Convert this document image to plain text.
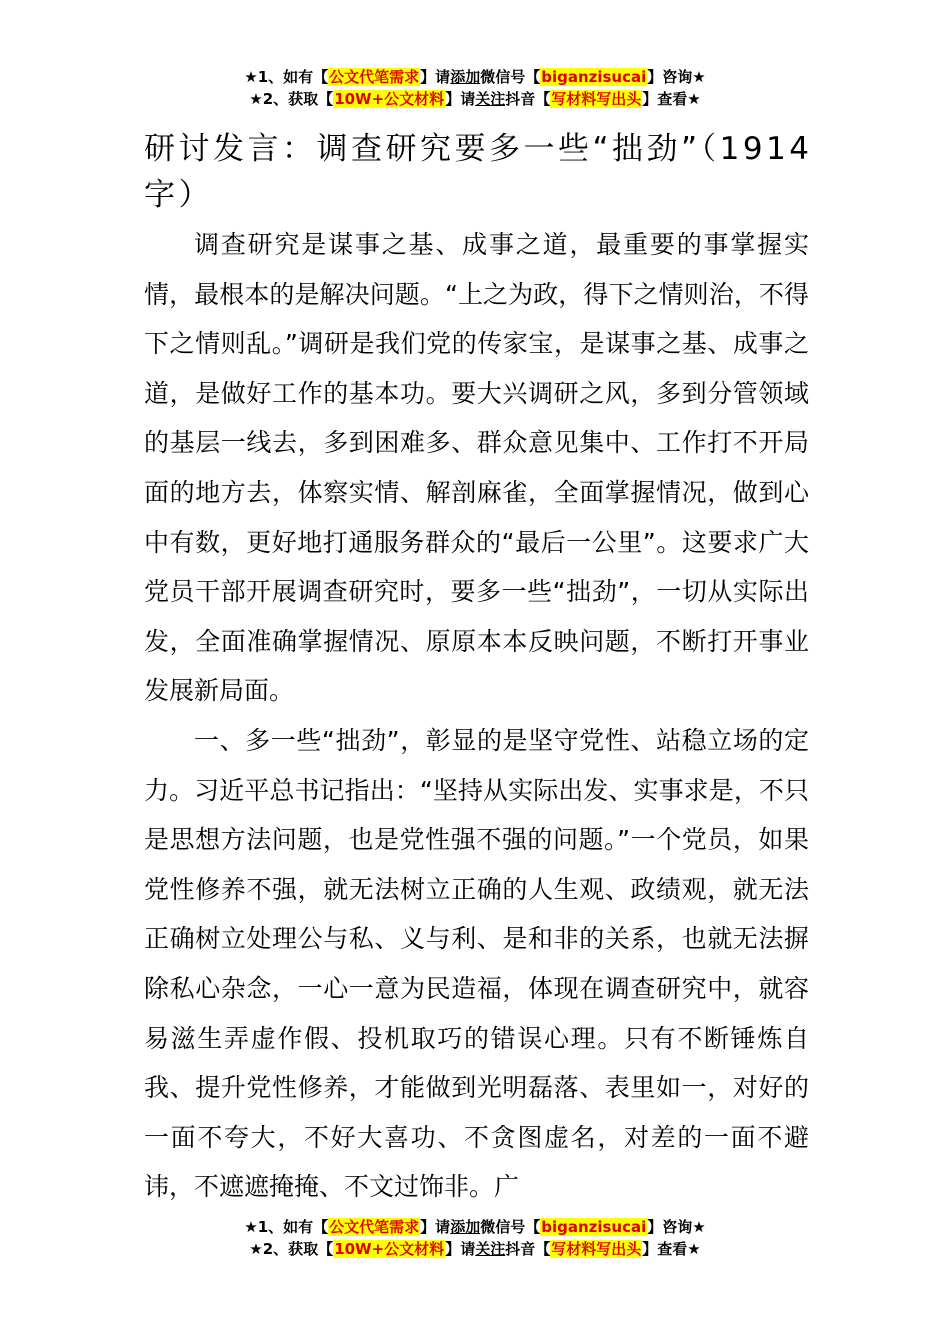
★1、如有【公文代笔需求】请添加微信号【biganzisucai】咨询★
★2、获取【10W+公文材料】请关注抖音【写材料写出头】查看★
研讨发言：调查研究要多一些“拙劲”（1914字）

调查研究是谋事之基、成事之道，最重要的事掌握实情，最根本的是解决问题。“上之为政，得下之情则治，不得下之情则乱。”调研是我们党的传家宝，是谋事之基、成事之道，是做好工作的基本功。要大兴调研之风，多到分管领域的基层一线去，多到困难多、群众意见集中、工作打不开局面的地方去，体察实情、解剖麻雀，全面掌握情况，做到心中有数，更好地打通服务群众的“最后一公里”。这要求广大党员干部开展调查研究时，要多一些“拙劲”，一切从实际出发，全面准确掌握情况、原原本本反映问题，不断打开事业发展新局面。

一、多一些“拙劲”，彰显的是坚守党性、站稳立场的定力。习近平总书记指出：“坚持从实际出发、实事求是，不只是思想方法问题，也是党性强不强的问题。”一个党员，如果党性修养不强，就无法树立正确的人生观、政绩观，就无法正确树立处理公与私、义与利、是和非的关系，也就无法摒除私心杂念，一心一意为民造福，体现在调查研究中，就容易滋生弄虚作假、投机取巧的错误心理。只有不断锤炼自我、提升党性修养，才能做到光明磊落、表里如一，对好的一面不夸大，不好大喜功、不贪图虚名，对差的一面不避讳，不遮遮掩掩、不文过饰非。广

★1、如有【公文代笔需求】请添加微信号【biganzisucai】咨询★
★2、获取【10W+公文材料】请关注抖音【写材料写出头】查看★
